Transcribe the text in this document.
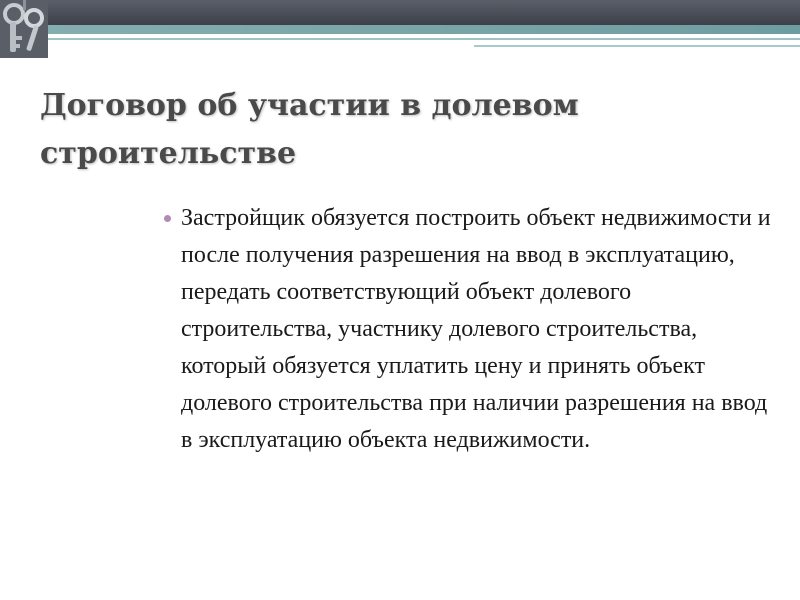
Договор об участии в долевом строительстве
Застройщик обязуется построить объект недвижимости и после получения разрешения на ввод в эксплуатацию, передать соответствующий объект долевого строительства, участнику долевого строительства, который обязуется уплатить цену и принять объект долевого строительства при наличии разрешения на ввод в эксплуатацию объекта недвижимости.
